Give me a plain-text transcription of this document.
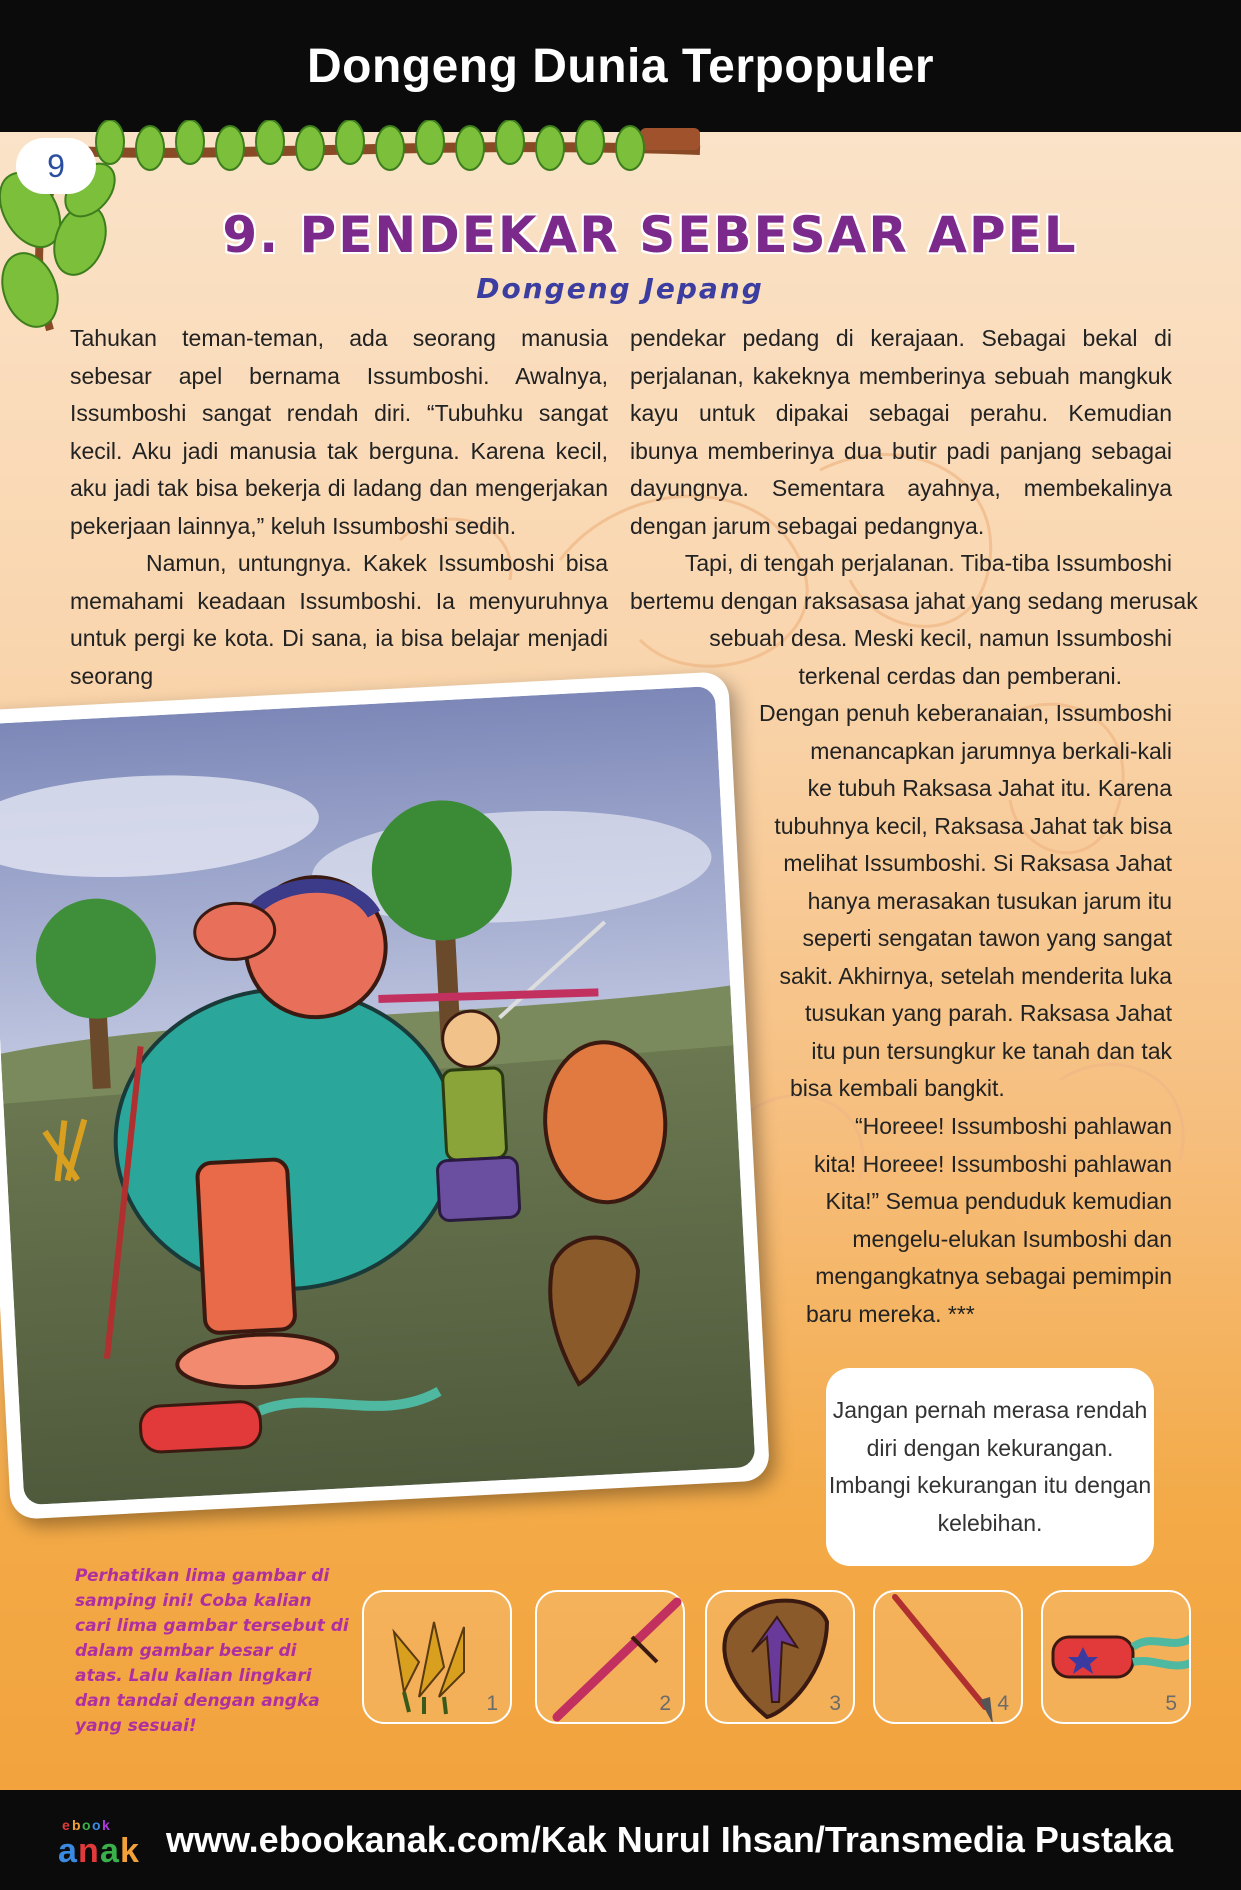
Dongeng Dunia Terpopuler
9
9. PENDEKAR SEBESAR APEL
Dongeng Jepang

Tahukan teman-teman, ada seorang manusia sebesar apel bernama Issumboshi. Awalnya, Issumboshi sangat rendah diri. “Tubuhku sangat kecil. Aku jadi manusia tak berguna. Karena kecil, aku jadi tak bisa bekerja di ladang dan mengerjakan pekerjaan lainnya,” keluh Issumboshi sedih.

Namun, untungnya. Kakek Issumboshi bisa memahami keadaan Issumboshi. Ia menyuruhnya untuk pergi ke kota. Di sana, ia bisa belajar menjadi seorang

pendekar pedang di kerajaan. Sebagai bekal di perjalanan, kakeknya memberinya sebuah mangkuk kayu untuk dipakai sebagai perahu. Kemudian ibunya memberinya dua butir padi panjang sebagai dayungnya. Sementara ayahnya, membekalinya dengan jarum sebagai pedangnya.

Tapi, di tengah perjalanan. Tiba-tiba Issumboshi
bertemu dengan raksasasa jahat yang sedang merusak
sebuah desa. Meski kecil, namun Issumboshi
terkenal cerdas dan pemberani.
Dengan penuh keberanaian, Issumboshi
menancapkan jarumnya berkali-kali
ke tubuh Raksasa Jahat itu. Karena
tubuhnya kecil, Raksasa Jahat tak bisa
melihat Issumboshi. Si Raksasa Jahat
hanya merasakan tusukan jarum itu
seperti sengatan tawon yang sangat
sakit. Akhirnya, setelah menderita luka
tusukan yang parah. Raksasa Jahat
itu pun tersungkur ke tanah dan tak
bisa kembali bangkit.
“Horeee! Issumboshi pahlawan
kita! Horeee! Issumboshi pahlawan
Kita!” Semua penduduk kemudian
mengelu-elukan Isumboshi dan
mengangkatnya sebagai pemimpin
baru mereka. ***
Jangan pernah merasa rendah diri dengan kekurangan. Imbangi kekurangan itu dengan kelebihan.
Perhatikan lima gambar di samping ini! Coba kalian cari lima gambar tersebut di dalam gambar besar di atas. Lalu kalian lingkari dan tandai dengan angka yang sesuai!
1	2	3	4	5
e b o o k
a n a k www.ebookanak.com/Kak Nurul Ihsan/Transmedia Pustaka
